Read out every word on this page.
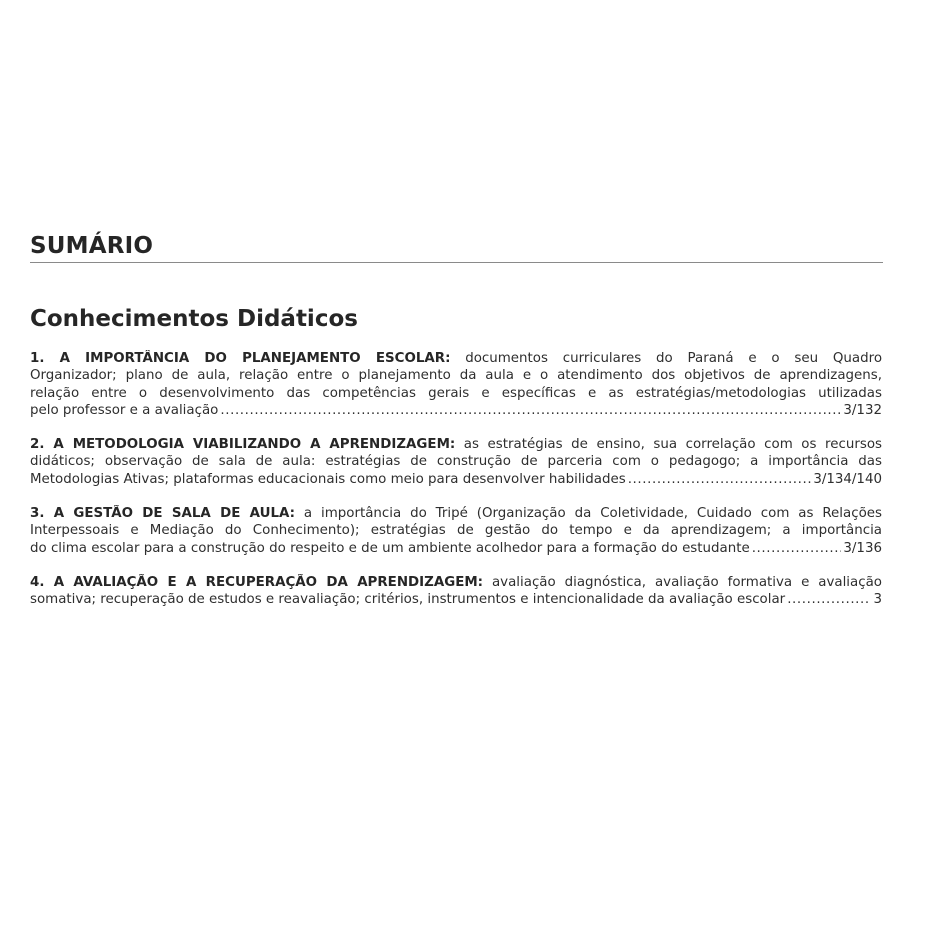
SUMÁRIO
Conhecimentos Didáticos
1. A IMPORTÂNCIA DO PLANEJAMENTO ESCOLAR: documentos curriculares do Paraná e o seu Quadro
Organizador; plano de aula, relação entre o planejamento da aula e o atendimento dos objetivos de aprendizagens,
relação entre o desenvolvimento das competências gerais e específicas e as estratégias/metodologias utilizadas
pelo professor e a avaliação .....	3/132
2. A METODOLOGIA VIABILIZANDO A APRENDIZAGEM: as estratégias de ensino, sua correlação com os recursos
didáticos; observação de sala de aula: estratégias de construção de parceria com o pedagogo; a importância das
Metodologias Ativas; plataformas educacionais como meio para desenvolver habilidades .....	3/134/140
3. A GESTÃO DE SALA DE AULA: a importância do Tripé (Organização da Coletividade, Cuidado com as Relações
Interpessoais e Mediação do Conhecimento); estratégias de gestão do tempo e da aprendizagem; a importância
do clima escolar para a construção do respeito e de um ambiente acolhedor para a formação do estudante .....	3/136
4. A AVALIAÇÃO E A RECUPERAÇÃO DA APRENDIZAGEM: avaliação diagnóstica, avaliação formativa e avaliação
somativa; recuperação de estudos e reavaliação; critérios, instrumentos e intencionalidade da avaliação escolar .....	3
